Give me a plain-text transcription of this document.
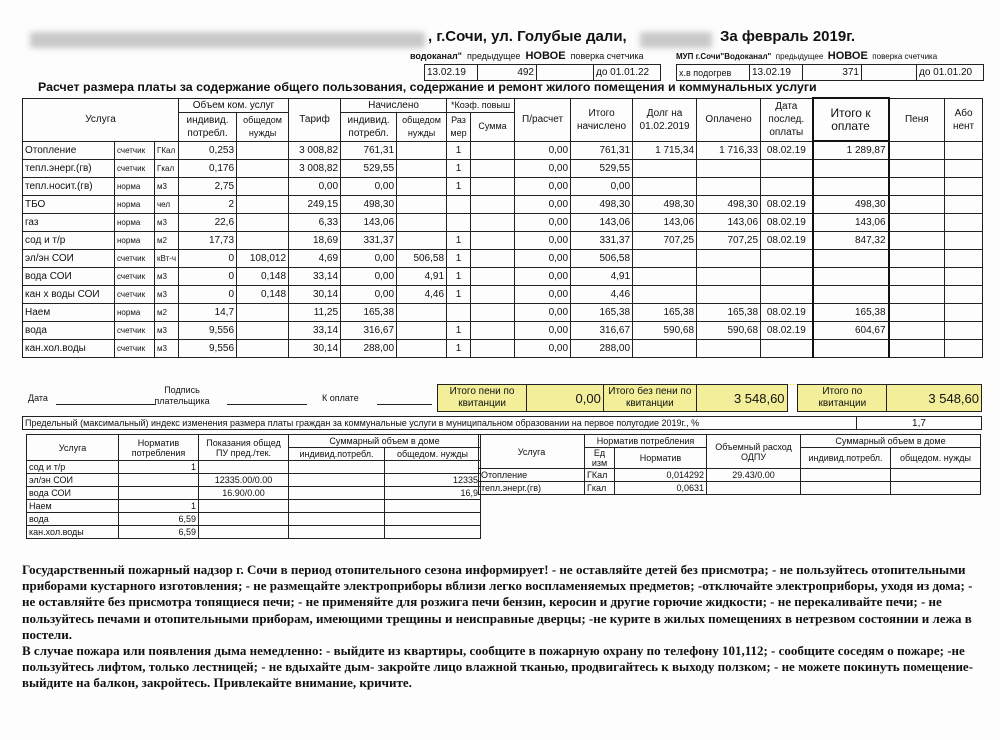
, г.Сочи, ул. Голубые дали,	За февраль 2019г.
водоканал" предыдущее НОВОЕ поверка счетчика
13.02.19	492		до 01.01.22
МУП г.Сочи"Водоканал" предыдущее НОВОЕ поверка счетчика
х.в подогрев	13.02.19	371		до 01.01.20
Расчет размера платы за содержание общего пользования, содержание и ремонт жилого помещения и коммунальных услуги
Услуга			Объем ком. услуг		Тариф	Начислено		*Коэф. повыш		П/расчет	Итого начислено	Долг на 01.02.2019	Оплачено	Дата послед. оплаты	Итого к оплате	Пеня	Або нент
			индивид. потребл.	общедом нужды		индивид. потребл.	общедом нужды	Раз мер	Сумма								
Отопление	счетчик	ГКал	0,253		3 008,82	761,31		1		0,00	761,31	1 715,34	1 716,33	08.02.19	1 289,87		
тепл.энерг.(гв)	счетчик	Гкал	0,176		3 008,82	529,55		1		0,00	529,55						
тепл.носит.(гв)	норма	м3	2,75		0,00	0,00		1		0,00	0,00						
ТБО	норма	чел	2		249,15	498,30				0,00	498,30	498,30	498,30	08.02.19	498,30		
газ	норма	м3	22,6		6,33	143,06				0,00	143,06	143,06	143,06	08.02.19	143,06		
сод и т/р	норма	м2	17,73		18,69	331,37		1		0,00	331,37	707,25	707,25	08.02.19	847,32		
эл/эн СОИ	счетчик	кВт-ч	0	108,012	4,69	0,00	506,58	1		0,00	506,58						
вода СОИ	счетчик	м3	0	0,148	33,14	0,00	4,91	1		0,00	4,91						
кан х воды СОИ	счетчик	м3	0	0,148	30,14	0,00	4,46	1		0,00	4,46						
Наем	норма	м2	14,7		11,25	165,38				0,00	165,38	165,38	165,38	08.02.19	165,38		
вода	счетчик	м3	9,556		33,14	316,67		1		0,00	316,67	590,68	590,68	08.02.19	604,67		
кан.хол.воды	счетчик	м3	9,556		30,14	288,00		1		0,00	288,00						
Дата
Подпись плательщика	К оплате
Итого пени по квитанции	0,00	Итого без пени по квитанции	3 548,60		Итого по квитанции	3 548,60
Предельный (максимальный) индекс изменения размера платы граждан за коммунальные услуги в муниципальном образовании на первое полугодие 2019г., %	1,7
Услуга	Норматив потребления	Показания общед ПУ пред./тек.	Суммарный объем в доме	
			индивид.потребл.	общедом. нужды
сод и т/р	1			
эл/эн СОИ		12335.00/0.00		12335
вода СОИ		16.90/0.00		16,9
Наем	1			
вода	6,59			
кан.хол.воды	6,59			
Услуга	Норматив потребления		Объемный расход ОДПУ	Суммарный объем в доме	
	Ед изм	Норматив		индивид.потребл.	общедом. нужды
Отопление	ГКал	0,014292	29.43/0.00		
тепл.энерг.(гв)	Гкал	0,0631			
Государственный пожарный надзор г. Сочи в период отопительного сезона информирует! - не оставляйте детей без присмотра; - не пользуйтесь отопительными приборами кустарного изготовления; - не размещайте электроприборы вблизи легко воспламеняемых предметов; -отключайте электроприборы, уходя из дома; - не оставляйте без присмотра топящиеся печи; - не применяйте для розжига печи бензин, керосин и другие горючие жидкости; - не перекаливайте печи; - не пользуйтесь печами и отопительными приборам, имеющими трещины и неисправные дверцы; -не курите в жилых помещениях в нетрезвом состоянии и лежа в постели.
В случае пожара или появления дыма немедленно: - выйдите из квартиры, сообщите в пожарную охрану по телефону 101,112; - сообщите соседям о пожаре; -не пользуйтесь лифтом, только лестницей; - не вдыхайте дым- закройте лицо влажной тканью, продвигайтесь к выходу ползком; - не можете покинуть помещение- выйдите на балкон, закройтесь. Привлекайте внимание, кричите.
